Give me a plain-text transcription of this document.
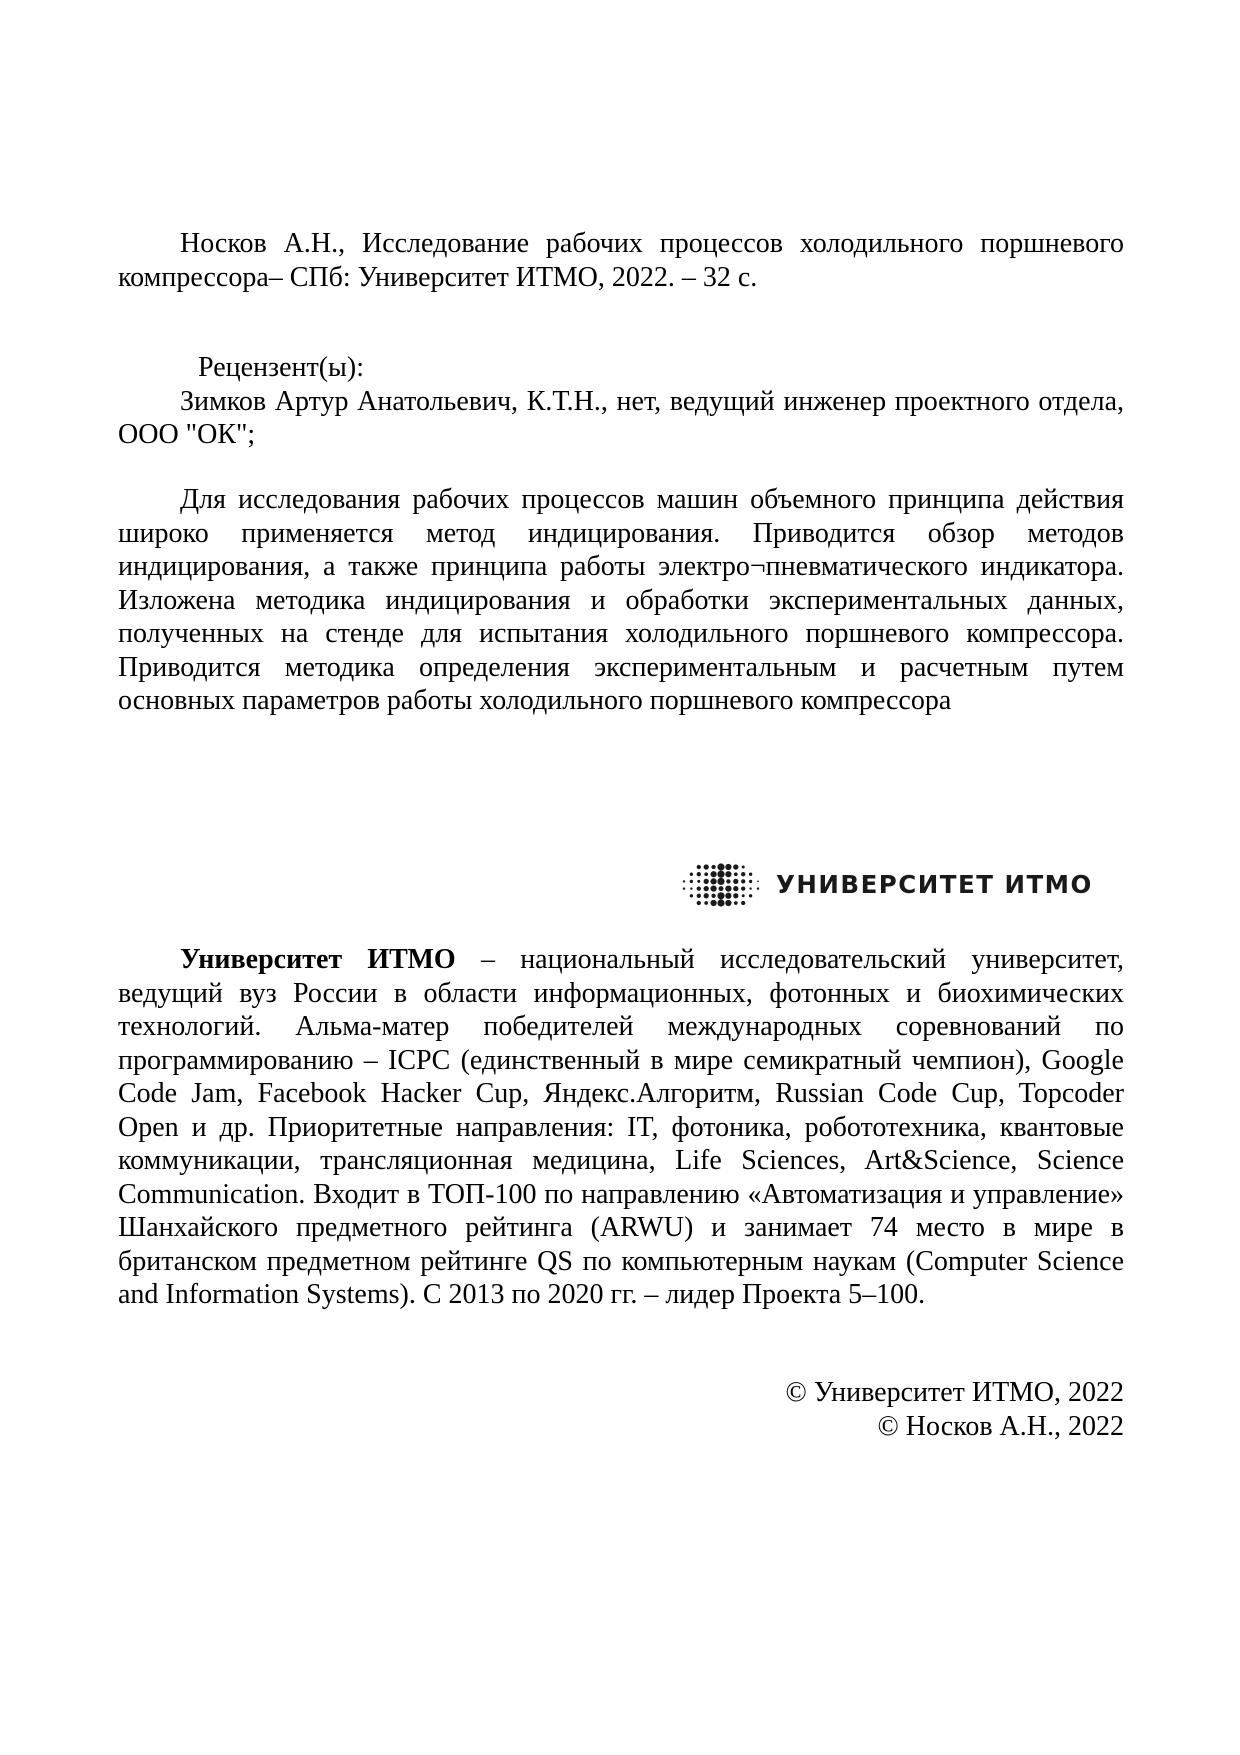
Носков А.Н., Исследование рабочих процессов холодильного поршневого компрессора– СПб: Университет ИТМО, 2022. – 32 с.
Рецензент(ы):
Зимков Артур Анатольевич, К.Т.Н., нет, ведущий инженер проектного отдела, ООО "ОК";
Для исследования рабочих процессов машин объемного принципа действия широко применяется метод индицирования. Приводится обзор методов индицирования, а также принципа работы электро¬пневматического индикатора. Изложена методика индицирования и обработки экспериментальных данных, полученных на стенде для испытания холодильного поршневого компрессора. Приводится методика определения экспериментальным и расчетным путем основных параметров работы холодильного поршневого компрессора
УНИВЕРСИТЕТ ИТМО
Университет ИТМО – национальный исследовательский университет, ведущий вуз России в области информационных, фотонных и биохимических технологий. Альма-матер победителей международных соревнований по программированию – ICPC (единственный в мире семикратный чемпион), Google Code Jam, Facebook Hacker Cup, Яндекс.Алгоритм, Russian Code Cup, Topcoder Open и др. Приоритетные направления: IT, фотоника, робототехника, квантовые коммуникации, трансляционная медицина, Life Sciences, Art&Science, Science Communication. Входит в ТОП-100 по направлению «Автоматизация и управление» Шанхайского предметного рейтинга (ARWU) и занимает 74 место в мире в британском предметном рейтинге QS по компьютерным наукам (Computer Science and Information Systems). С 2013 по 2020 гг. – лидер Проекта 5–100.
© Университет ИТМО, 2022
© Носков А.Н., 2022
